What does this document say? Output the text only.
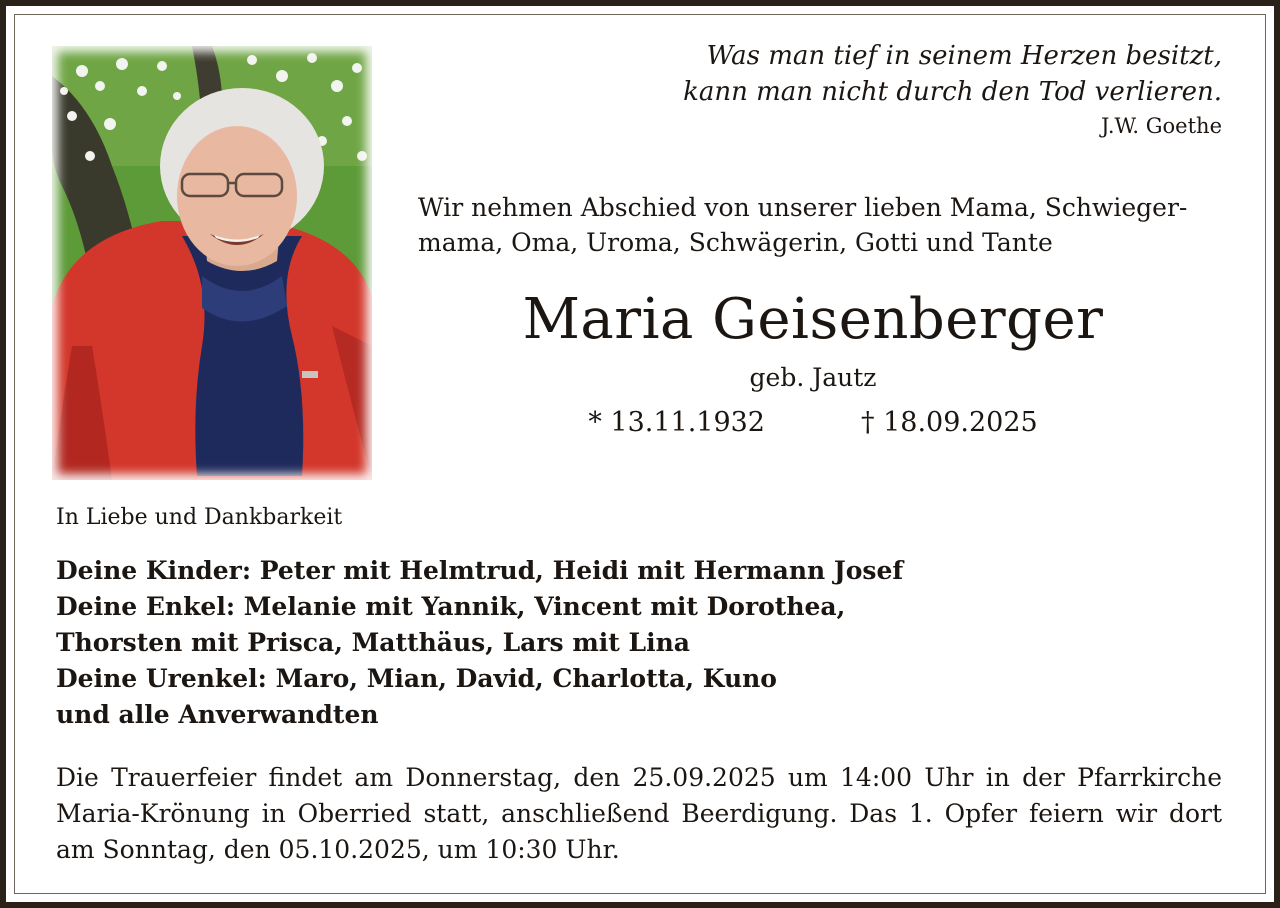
Was man tief in seinem Herzen besitzt,
kann man nicht durch den Tod verlieren.
J.W. Goethe
Wir nehmen Abschied von unserer lieben Mama, Schwieger-
mama, Oma, Uroma, Schwägerin, Gotti und Tante
Maria Geisenberger
geb. Jautz
* 13.11.1932	† 18.09.2025
In Liebe und Dankbarkeit
Deine Kinder: Peter mit Helmtrud, Heidi mit Hermann Josef
Deine Enkel: Melanie mit Yannik, Vincent mit Dorothea,
Thorsten mit Prisca, Matthäus, Lars mit Lina
Deine Urenkel: Maro, Mian, David, Charlotta, Kuno
und alle Anverwandten
Die Trauerfeier findet am Donnerstag, den 25.09.2025 um 14:00 Uhr in der Pfarrkirche
Maria-Krönung in Oberried statt, anschließend Beerdigung. Das 1. Opfer feiern wir dort
am Sonntag, den 05.10.2025, um 10:30 Uhr.
